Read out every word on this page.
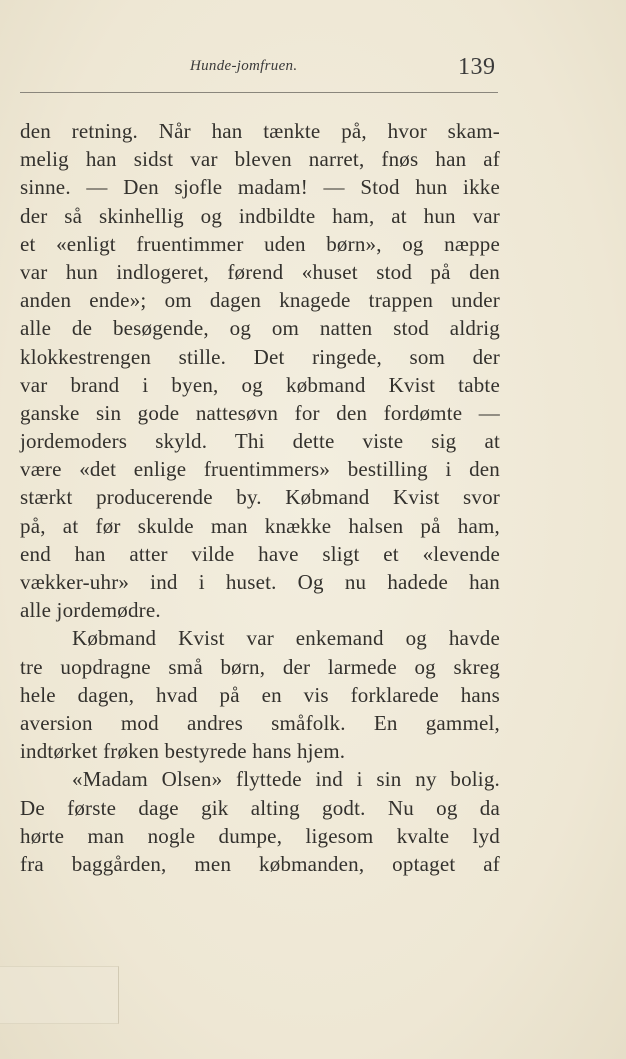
Hunde-jomfruen.	139
den retning. Når han tænkte på, hvor skam-
melig han sidst var bleven narret, fnøs han af
sinne. — Den sjofle madam! — Stod hun ikke
der så skinhellig og indbildte ham, at hun var
et «enligt fruentimmer uden børn», og næppe
var hun indlogeret, førend «huset stod på den
anden ende»; om dagen knagede trappen under
alle de besøgende, og om natten stod aldrig
klokkestrengen stille. Det ringede, som der
var brand i byen, og købmand Kvist tabte
ganske sin gode nattesøvn for den fordømte —
jordemoders skyld. Thi dette viste sig at
være «det enlige fruentimmers» bestilling i den
stærkt producerende by. Købmand Kvist svor
på, at før skulde man knække halsen på ham,
end han atter vilde have sligt et «levende
vækker-uhr» ind i huset. Og nu hadede han
alle jordemødre.
Købmand Kvist var enkemand og havde
tre uopdragne små børn, der larmede og skreg
hele dagen, hvad på en vis forklarede hans
aversion mod andres småfolk. En gammel,
indtørket frøken bestyrede hans hjem.
«Madam Olsen» flyttede ind i sin ny bolig.
De første dage gik alting godt. Nu og da
hørte man nogle dumpe, ligesom kvalte lyd
fra baggården, men købmanden, optaget af
